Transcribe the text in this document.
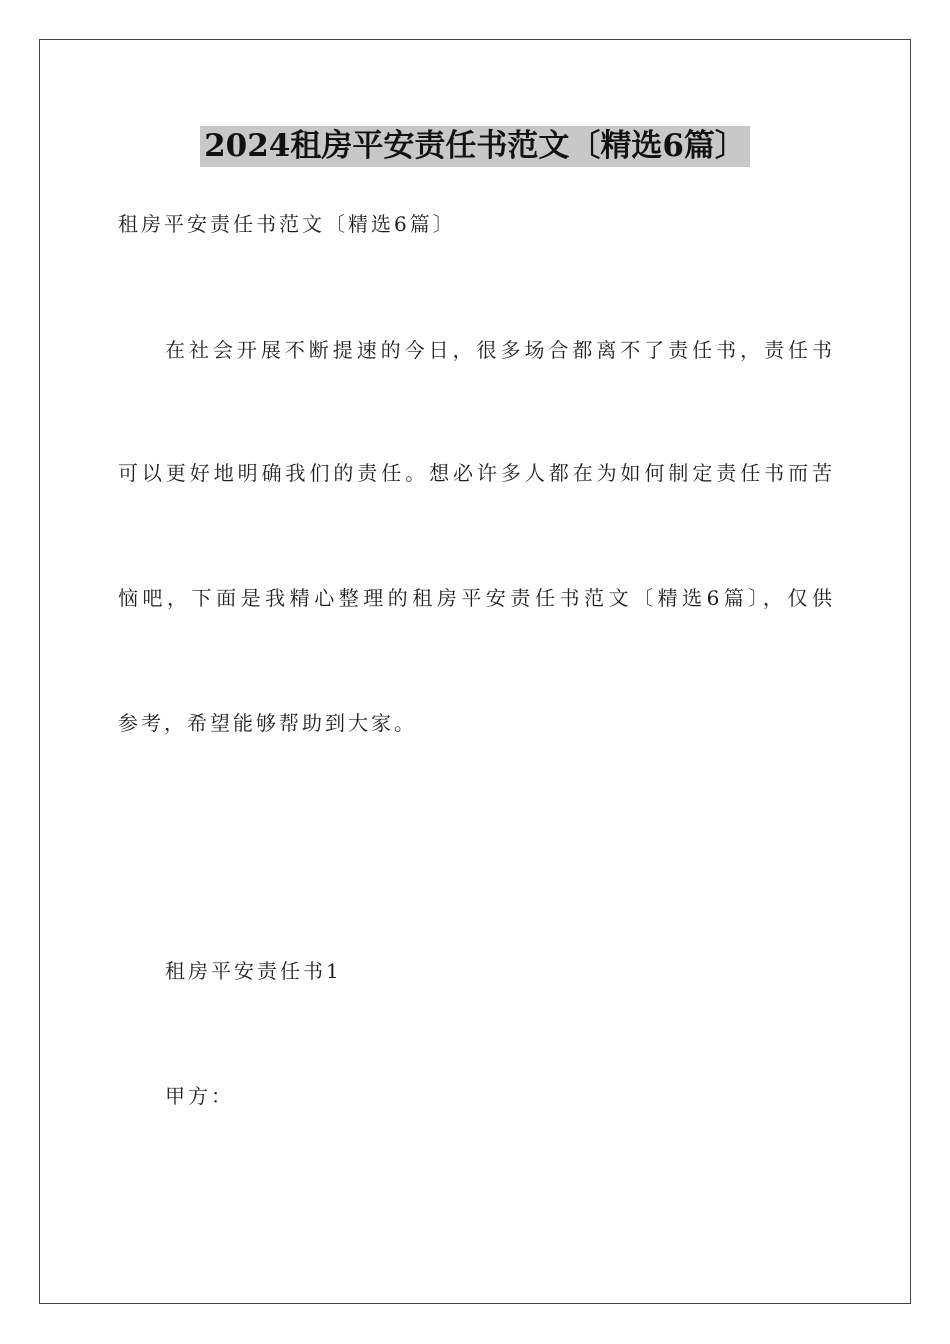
2024租房平安责任书范文〔精选6篇〕
租房平安责任书范文〔精选6篇〕
在社会开展不断提速的今日，很多场合都离不了责任书，责任书
可以更好地明确我们的责任。想必许多人都在为如何制定责任书而苦
恼吧，下面是我精心整理的租房平安责任书范文〔精选6篇〕，仅供
参考，希望能够帮助到大家。
租房平安责任书1
甲方：
